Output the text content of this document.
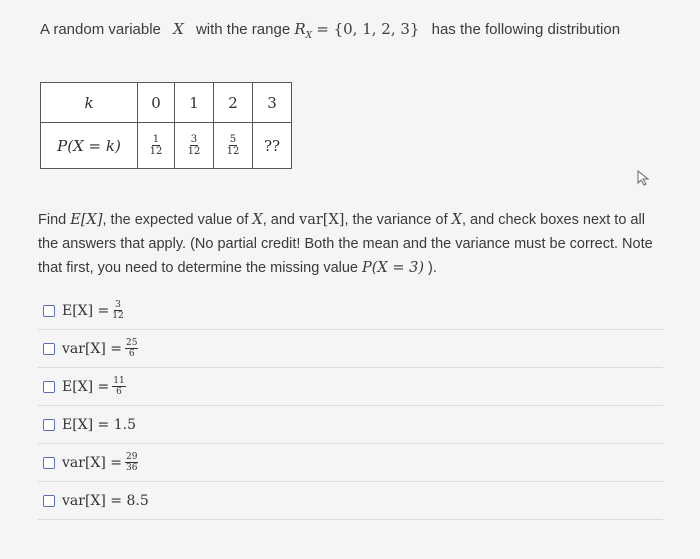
A random variable X with the range $R_X = \{0$, 1, 2, 3} has the following distribution
k	0	1	2	3
P(X = k)	$\frac{1}{12}$	$\frac{3}{12}$	$\frac{5}{12}$	??
Find E[X], the expected value of X, and var[X], the variance of X, and check boxes next to all the answers that apply. (No partial credit! Both the mean and the variance must be correct. Note that first, you need to determine the missing value P(X = 3) ).
$E[X] = \frac{3}{12}$
$var[X] = \frac{25}{6}$
$E[X] = \frac{11}{6}$
E[X] = 1.5
$var[X] = \frac{29}{36}$
var[X] = 8.5
